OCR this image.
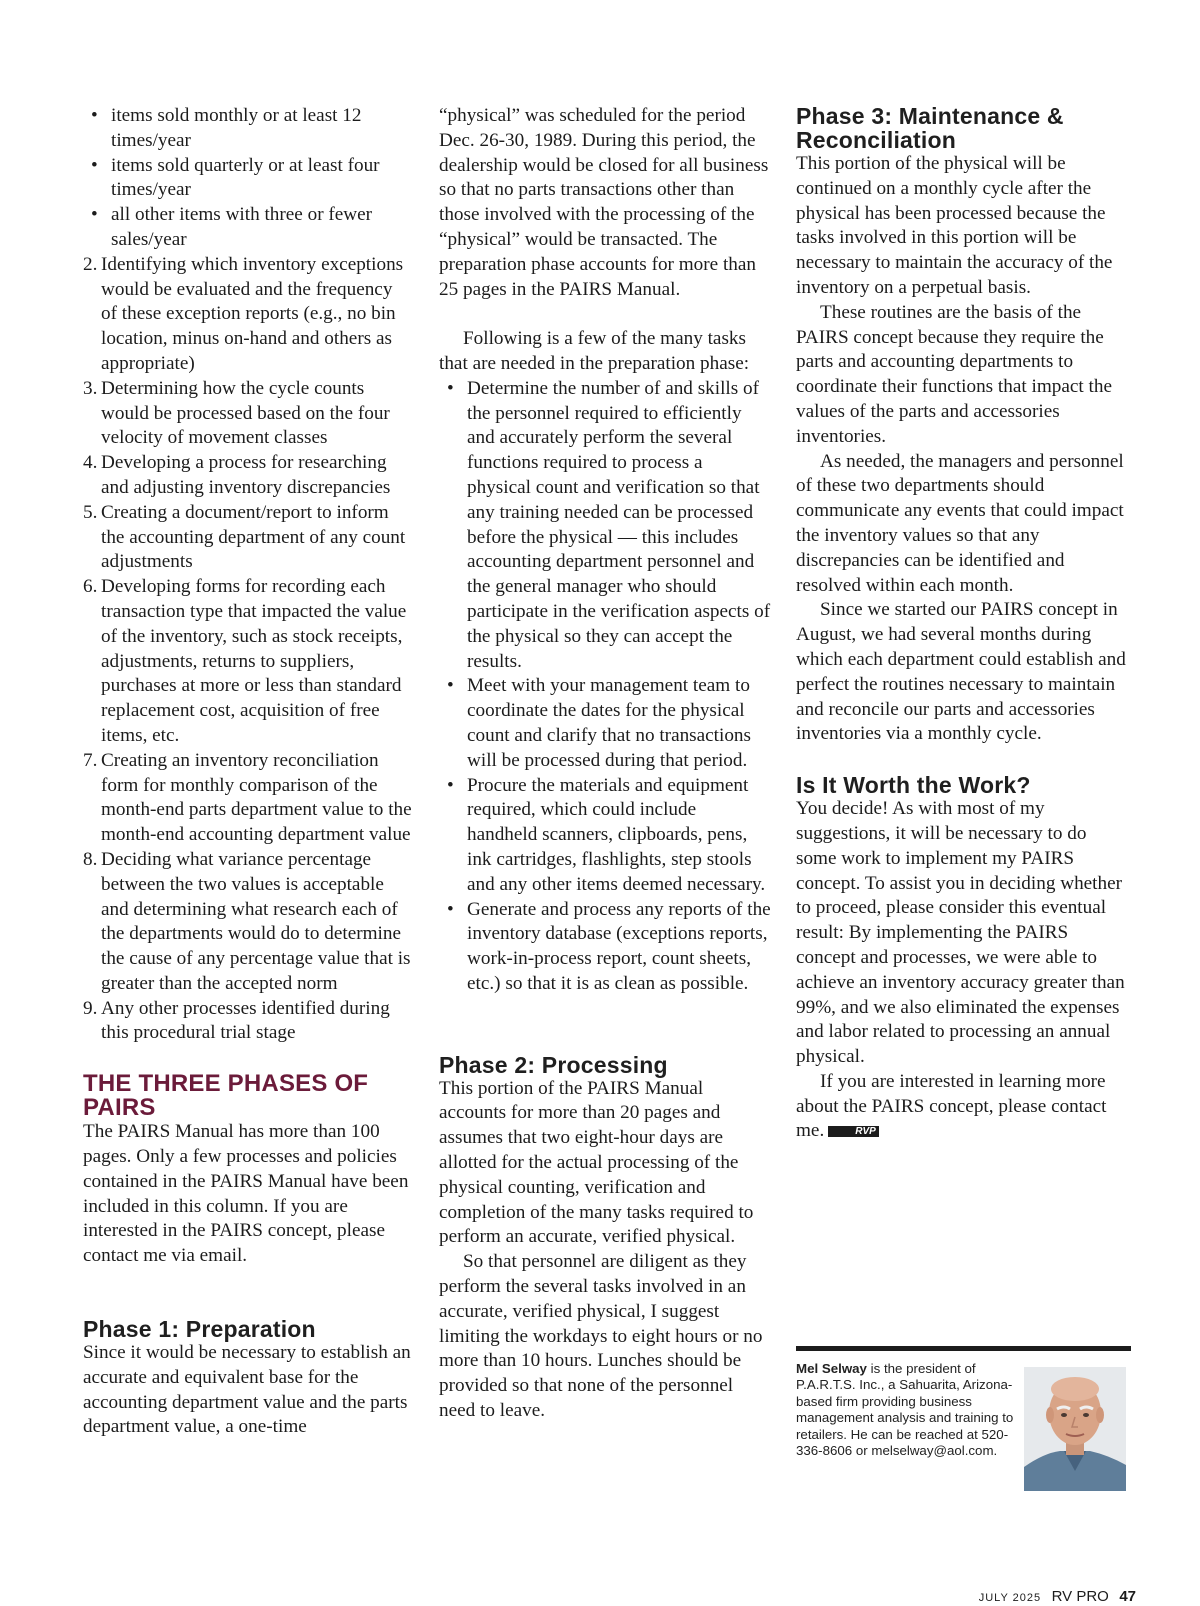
• items sold monthly or at least 12 times/year
• items sold quarterly or at least four times/year
• all other items with three or fewer sales/year
2. Identifying which inventory exceptions would be evaluated and the frequency of these exception reports (e.g., no bin location, minus on-hand and others as appropriate)
3. Determining how the cycle counts would be processed based on the four velocity of movement classes
4. Developing a process for researching and adjusting inventory discrepancies
5. Creating a document/report to inform the accounting department of any count adjustments
6. Developing forms for recording each transaction type that impacted the value of the inventory, such as stock receipts, adjustments, returns to suppliers, purchases at more or less than standard replacement cost, acquisition of free items, etc.
7. Creating an inventory reconciliation form for monthly comparison of the month-end parts department value to the month-end accounting department value
8. Deciding what variance percentage between the two values is acceptable and determining what research each of the departments would do to determine the cause of any percentage value that is greater than the accepted norm
9. Any other processes identified during this procedural trial stage
THE THREE PHASES OF PAIRS

The PAIRS Manual has more than 100 pages. Only a few processes and policies contained in the PAIRS Manual have been included in this column. If you are interested in the PAIRS concept, please contact me via email.

Phase 1: Preparation

Since it would be necessary to establish an accurate and equivalent base for the accounting department value and the parts department value, a one-time

“physical” was scheduled for the period Dec. 26-30, 1989. During this period, the dealership would be closed for all business so that no parts transactions other than those involved with the processing of the “physical” would be transacted. The preparation phase accounts for more than 25 pages in the PAIRS Manual.

Following is a few of the many tasks that are needed in the preparation phase:

• Determine the number of and skills of the personnel required to efficiently and accurately perform the several functions required to process a physical count and verification so that any training needed can be processed before the physical — this includes accounting department personnel and the general manager who should participate in the verification aspects of the physical so they can accept the results.
• Meet with your management team to coordinate the dates for the physical count and clarify that no transactions will be processed during that period.
• Procure the materials and equipment required, which could include handheld scanners, clipboards, pens, ink cartridges, flashlights, step stools and any other items deemed necessary.
• Generate and process any reports of the inventory database (exceptions reports, work-in-process report, count sheets, etc.) so that it is as clean as possible.
Phase 2: Processing

This portion of the PAIRS Manual accounts for more than 20 pages and assumes that two eight-hour days are allotted for the actual processing of the physical counting, verification and completion of the many tasks required to perform an accurate, verified physical.

So that personnel are diligent as they perform the several tasks involved in an accurate, verified physical, I suggest limiting the workdays to eight hours or no more than 10 hours. Lunches should be provided so that none of the personnel need to leave.

Phase 3: Maintenance & Reconciliation

This portion of the physical will be continued on a monthly cycle after the physical has been processed because the tasks involved in this portion will be necessary to maintain the accuracy of the inventory on a perpetual basis.

These routines are the basis of the PAIRS concept because they require the parts and accounting departments to coordinate their functions that impact the values of the parts and accessories inventories.

As needed, the managers and personnel of these two departments should communicate any events that could impact the inventory values so that any discrepancies can be identified and resolved within each month.

Since we started our PAIRS concept in August, we had several months during which each department could establish and perfect the routines necessary to maintain and reconcile our parts and accessories inventories via a monthly cycle.

Is It Worth the Work?

You decide! As with most of my suggestions, it will be necessary to do some work to implement my PAIRS concept. To assist you in deciding whether to proceed, please consider this eventual result: By implementing the PAIRS concept and processes, we were able to achieve an inventory accuracy greater than 99%, and we also eliminated the expenses and labor related to processing an annual physical.

If you are interested in learning more about the PAIRS concept, please contact me.	RVP

Mel Selway is the president of P.A.R.T.S. Inc., a Sahuarita, Arizona-based firm providing business management analysis and training to retailers. He can be reached at 520-336-8606 or melselway@aol.com.
JULY 2025 RV PRO 47
